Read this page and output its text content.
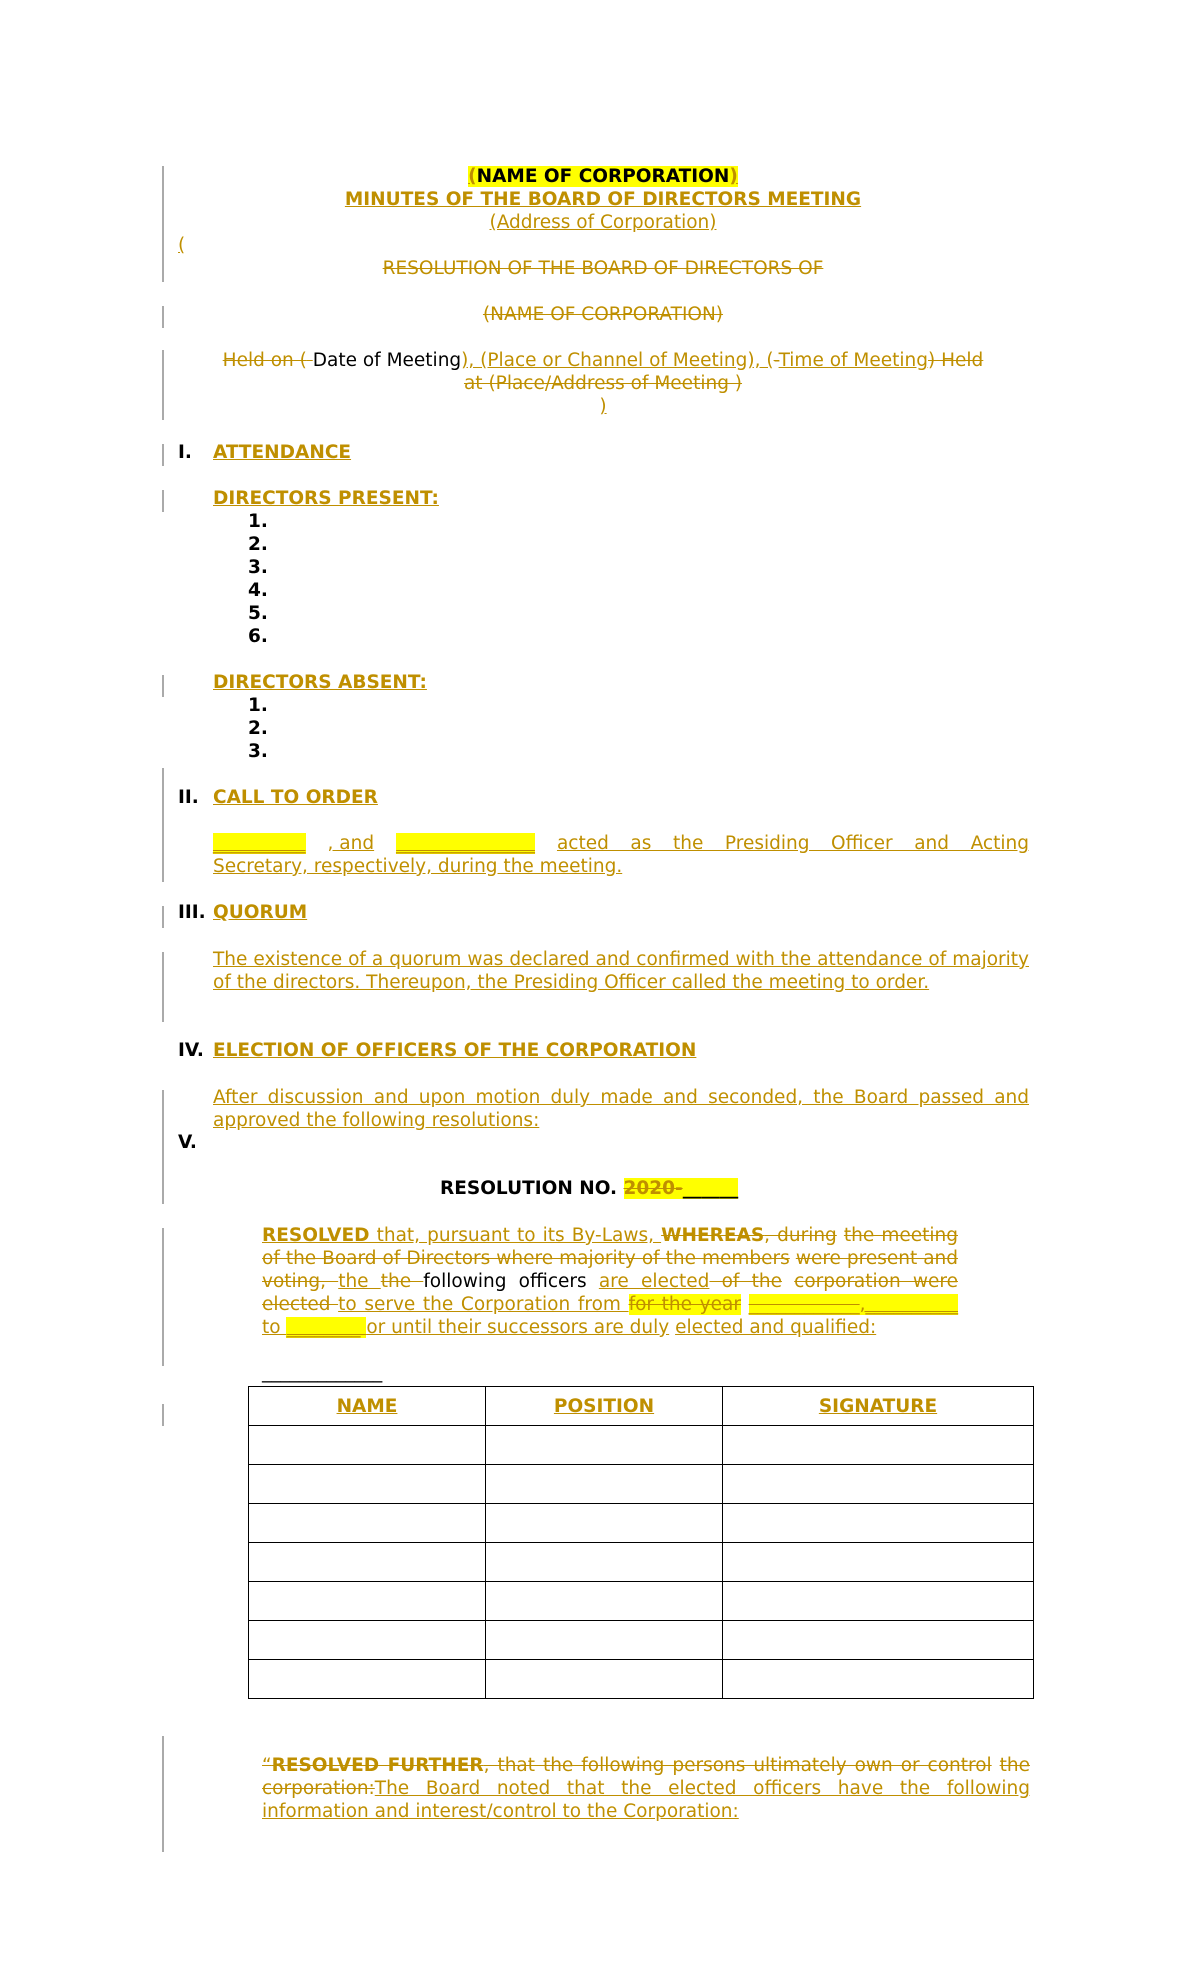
(NAME OF CORPORATION)
MINUTES OF THE BOARD OF DIRECTORS MEETING
(Address of Corporation)
(
RESOLUTION OF THE BOARD OF DIRECTORS OF
(NAME OF CORPORATION)
Held on ( Date of Meeting), (Place or Channel of Meeting), (-Time of Meeting) Held
at (Place/Address of Meeting )
)
I. ATTENDANCE
DIRECTORS PRESENT:
1.
2.
3.
4.
5.
6.
DIRECTORS ABSENT:
1.
2.
3.
II. CALL TO ORDER
__________ , and _______________ acted as the Presiding Officer and Acting
Secretary, respectively, during the meeting.
III. QUORUM
The existence of a quorum was declared and confirmed with the attendance of majority of the directors. Thereupon, the Presiding Officer called the meeting to order.
IV. ELECTION OF OFFICERS OF THE CORPORATION
After discussion and upon motion duly made and seconded, the Board passed and approved the following resolutions:
V.
RESOLUTION NO. 2020-______
RESOLVED that, pursuant to its By-Laws, WHEREAS, during the meeting of the Board of Directors where majority of the members were present and voting, the the following officers are elected of the corporation were elected to serve the Corporation from for the year ____________,__________ to ________ or until their successors are duly elected and qualified:
_____________
NAME	POSITION	SIGNATURE

“RESOLVED FURTHER, that the following persons ultimately own or control the corporation:The Board noted that the elected officers have the following information and interest/control to the Corporation:
